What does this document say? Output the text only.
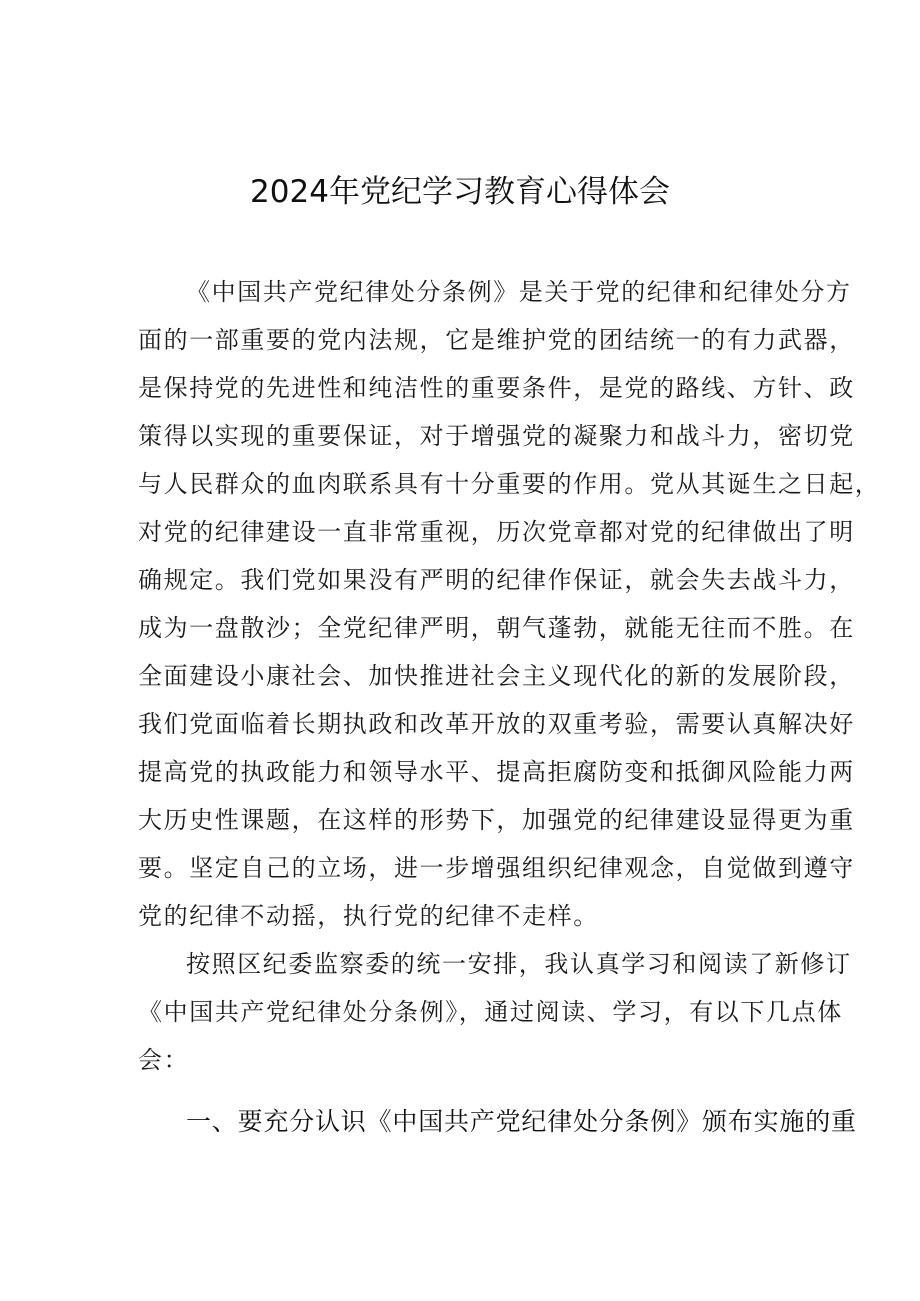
2024年党纪学习教育心得体会
《中国共产党纪律处分条例》是关于党的纪律和纪律处分方
面的一部重要的党内法规，它是维护党的团结统一的有力武器，
是保持党的先进性和纯洁性的重要条件，是党的路线、方针、政
策得以实现的重要保证，对于增强党的凝聚力和战斗力，密切党
与人民群众的血肉联系具有十分重要的作用。党从其诞生之日起，
对党的纪律建设一直非常重视，历次党章都对党的纪律做出了明
确规定。我们党如果没有严明的纪律作保证，就会失去战斗力，
成为一盘散沙；全党纪律严明，朝气蓬勃，就能无往而不胜。在
全面建设小康社会、加快推进社会主义现代化的新的发展阶段，
我们党面临着长期执政和改革开放的双重考验，需要认真解决好
提高党的执政能力和领导水平、提高拒腐防变和抵御风险能力两
大历史性课题，在这样的形势下，加强党的纪律建设显得更为重
要。坚定自己的立场，进一步增强组织纪律观念，自觉做到遵守
党的纪律不动摇，执行党的纪律不走样。
按照区纪委监察委的统一安排，我认真学习和阅读了新修订
《中国共产党纪律处分条例》，通过阅读、学习，有以下几点体
会：
一、要充分认识《中国共产党纪律处分条例》颁布实施的重
